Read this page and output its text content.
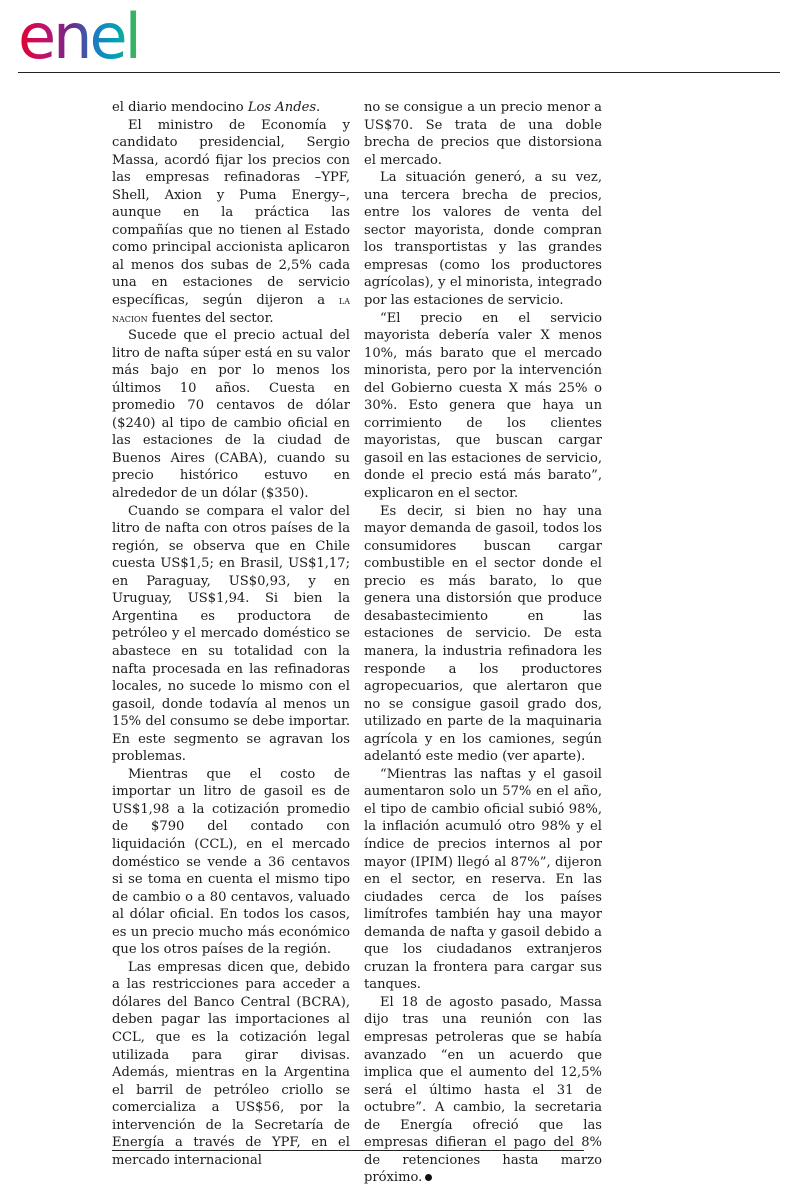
enel

el diario mendocino Los Andes.

El ministro de Economía y candidato presidencial, Sergio Massa, acordó fijar los precios con las empresas refinadoras –YPF, Shell, Axion y Puma Energy–, aunque en la práctica las compañías que no tienen al Estado como principal accionista aplicaron al menos dos subas de 2,5% cada una en estaciones de servicio específicas, según dijeron a la nacion fuentes del sector.

Sucede que el precio actual del litro de nafta súper está en su valor más bajo en por lo menos los últimos 10 años. Cuesta en promedio 70 centavos de dólar ($240) al tipo de cambio oficial en las estaciones de la ciudad de Buenos Aires (CABA), cuando su precio histórico estuvo en alrededor de un dólar ($350).

Cuando se compara el valor del litro de nafta con otros países de la región, se observa que en Chile cuesta US$1,5; en Brasil, US$1,17; en Paraguay, US$0,93, y en Uruguay, US$1,94. Si bien la Argentina es productora de petróleo y el mercado doméstico se abastece en su totalidad con la nafta procesada en las refinadoras locales, no sucede lo mismo con el gasoil, donde todavía al menos un 15% del consumo se debe importar. En este segmento se agravan los problemas.

Mientras que el costo de importar un litro de gasoil es de US$1,98 a la cotización promedio de $790 del contado con liquidación (CCL), en el mercado doméstico se vende a 36 centavos si se toma en cuenta el mismo tipo de cambio o a 80 centavos, valuado al dólar oficial. En todos los casos, es un precio mucho más económico que los otros países de la región.

Las empresas dicen que, debido a las restricciones para acceder a dólares del Banco Central (BCRA), deben pagar las importaciones al CCL, que es la cotización legal utilizada para girar divisas. Además, mientras en la Argentina el barril de petróleo criollo se comercializa a US$56, por la intervención de la Secretaría de Energía a través de YPF, en el mercado internacional

no se consigue a un precio menor a US$70. Se trata de una doble brecha de precios que distorsiona el mercado.

La situación generó, a su vez, una tercera brecha de precios, entre los valores de venta del sector mayorista, donde compran los transportistas y las grandes empresas (como los productores agrícolas), y el minorista, integrado por las estaciones de servicio.

“El precio en el servicio mayorista debería valer X menos 10%, más barato que el mercado minorista, pero por la intervención del Gobierno cuesta X más 25% o 30%. Esto genera que haya un corrimiento de los clientes mayoristas, que buscan cargar gasoil en las estaciones de servicio, donde el precio está más barato”, explicaron en el sector.

Es decir, si bien no hay una mayor demanda de gasoil, todos los consumidores buscan cargar combustible en el sector donde el precio es más barato, lo que genera una distorsión que produce desabastecimiento en las estaciones de servicio. De esta manera, la industria refinadora les responde a los productores agropecuarios, que alertaron que no se consigue gasoil grado dos, utilizado en parte de la maquinaria agrícola y en los camiones, según adelantó este medio (ver aparte).

“Mientras las naftas y el gasoil aumentaron solo un 57% en el año, el tipo de cambio oficial subió 98%, la inflación acumuló otro 98% y el índice de precios internos al por mayor (IPIM) llegó al 87%”, dijeron en el sector, en reserva. En las ciudades cerca de los países limítrofes también hay una mayor demanda de nafta y gasoil debido a que los ciudadanos extranjeros cruzan la frontera para cargar sus tanques.

El 18 de agosto pasado, Massa dijo tras una reunión con las empresas petroleras que se había avanzado “en un acuerdo que implica que el aumento del 12,5% será el último hasta el 31 de octubre”. A cambio, la secretaria de Energía ofreció que las empresas difieran el pago del 8% de retenciones hasta marzo próximo.
